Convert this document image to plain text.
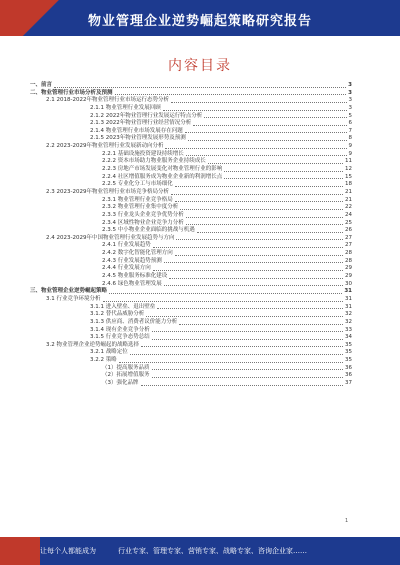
物业管理企业逆势崛起策略研究报告
内容目录
一、前言	3
二、物业管理行业市场分析及预测	3
2.1 2018-2022年物业管理行业市场运行态势分析	3
2.1.1 物业管理行业发展回顾	3
2.1.2 2022年物业管理行业发展运行特点分析	5
2.1.3 2022年物业管理行业经营情况分析	6
2.1.4 物业管理行业市场发展存在问题	7
2.1.5 2023年物业管理发展形势及预测	8
2.2 2023-2029年物业管理行业发展新动向分析	9
2.2.1 基础设施投资建设持续增长	9
2.2.2 资本市场助力物业服务企业持续成长	11
2.2.3 房地产市场发展变化对物业管理行业的影响	12
2.2.4 社区增值服务成为物业企业新的利润增长点	15
2.2.5 专业化分工与市场细化	18
2.3 2023-2029年物业管理行业市场竞争格局分析	21
2.3.1 物业管理行业竞争格局	21
2.3.2 物业管理行业集中度分析	22
2.3.3 行业龙头企业竞争优势分析	24
2.3.4 区域性物业企业竞争力分析	25
2.3.5 中小物业企业面临的挑战与机遇	26
2.4 2023-2029年中国物业管理行业发展趋势与方向	27
2.4.1 行业发展趋势	27
2.4.2 数字化智能化管理方向	28
2.4.3 行业发展趋势预测	28
2.4.4 行业发展方向	29
2.4.5 物业服务标准化建设	29
2.4.6 绿色物业管理发展	30
三、物业管理企业逆势崛起策略	31
3.1 行业竞争环境分析	31
3.1.1 进入壁垒、退出壁垒	31
3.1.2 替代品威胁分析	32
3.1.3 供应商、消费者议价能力分析	32
3.1.4 现有企业竞争分析	33
3.1.5 行业竞争态势总结	34
3.2 物业管理企业逆势崛起的战略选择	35
3.2.1 战略定位	35
3.2.2 策略	35
（1）提高服务品质	36
（2）拓展增值服务	36
（3）强化品牌	37
1
让每个人都能成为	行业专家、管理专家、营销专家、战略专家、咨询企业家……
